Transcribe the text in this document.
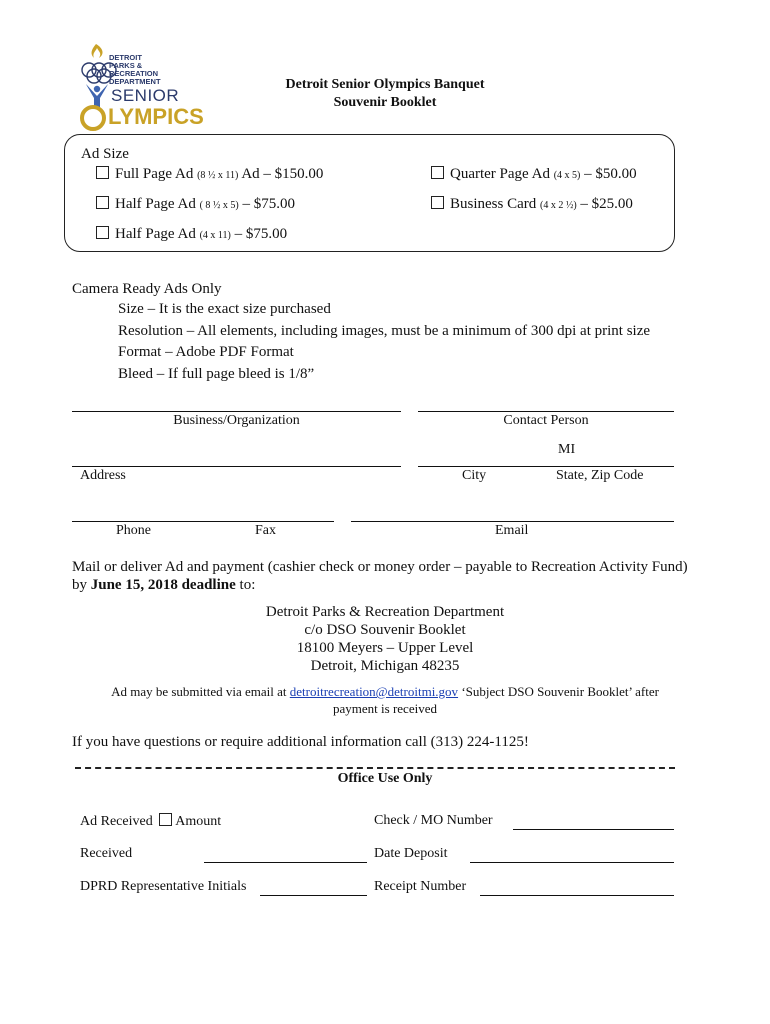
DETROIT
PARKS &
RECREATION
DEPARTMENT
SENIOR
LYMPICS
Detroit Senior Olympics Banquet
Souvenir Booklet
Ad Size
Full Page Ad (8 ½ x 11) Ad – $150.00
Half Page Ad ( 8 ½ x 5) – $75.00
Half Page Ad (4 x 11) – $75.00
Quarter Page Ad (4 x 5) – $50.00
Business Card (4 x 2 ½) – $25.00
Camera Ready Ads Only
Size – It is the exact size purchased
Resolution – All elements, including images, must be a minimum of 300 dpi at print size
Format – Adobe PDF Format
Bleed – If full page bleed is 1/8”
Business/Organization	Contact Person
MI
Address	City	State, Zip Code
Phone	Fax	Email
Mail or deliver Ad and payment (cashier check or money order – payable to Recreation Activity Fund)
by June 15, 2018 deadline to:
Detroit Parks & Recreation Department
c/o DSO Souvenir Booklet
18100 Meyers – Upper Level
Detroit, Michigan 48235
Ad may be submitted via email at detroitrecreation@detroitmi.gov ‘Subject DSO Souvenir Booklet’ after
payment is received
If you have questions or require additional information call (313) 224-1125!
Office Use Only
Ad Received Amount	Check / MO Number
Received	Date Deposit
DPRD Representative Initials	Receipt Number
